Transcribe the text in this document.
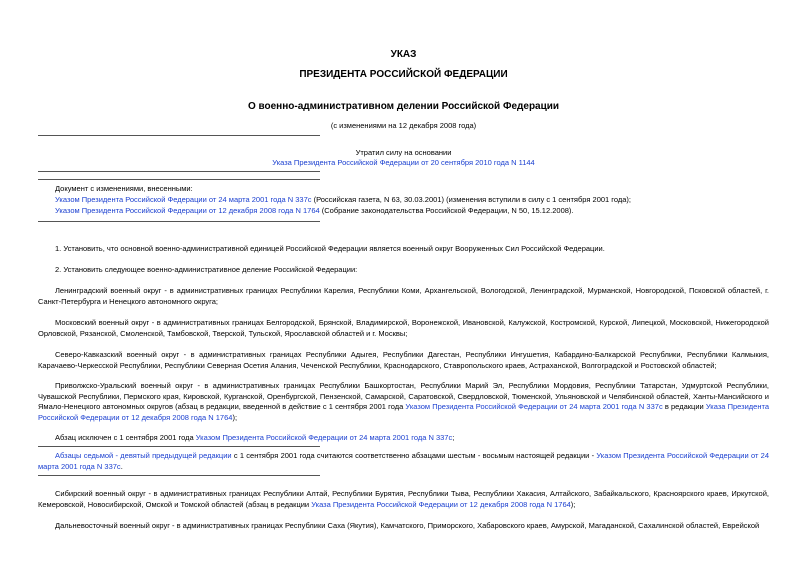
УКАЗ
ПРЕЗИДЕНТА РОССИЙСКОЙ ФЕДЕРАЦИИ
О военно-административном делении Российской Федерации
(с изменениями на 12 декабря 2008 года)
Утратил силу на основании
Указа Президента Российской Федерации от 20 сентября 2010 года N 1144
Документ с изменениями, внесенными:
Указом Президента Российской Федерации от 24 марта 2001 года N 337с (Российская газета, N 63, 30.03.2001) (изменения вступили в силу с 1 сентября 2001 года);
Указом Президента Российской Федерации от 12 декабря 2008 года N 1764 (Собрание законодательства Российской Федерации, N 50, 15.12.2008).
1. Установить, что основной военно-административной единицей Российской Федерации является военный округ Вооруженных Сил Российской Федерации.
2. Установить следующее военно-административное деление Российской Федерации:
Ленинградский военный округ - в административных границах Республики Карелия, Республики Коми, Архангельской, Вологодской, Ленинградской, Мурманской, Новгородской, Псковской областей, г. Санкт-Петербурга и Ненецкого автономного округа;
Московский военный округ - в административных границах Белгородской, Брянской, Владимирской, Воронежской, Ивановской, Калужской, Костромской, Курской, Липецкой, Московской, Нижегородской Орловской, Рязанской, Смоленской, Тамбовской, Тверской, Тульской, Ярославской областей и г. Москвы;
Северо-Кавказский военный округ - в административных границах Республики Адыгея, Республики Дагестан, Республики Ингушетия, Кабардино-Балкарской Республики, Республики Калмыкия, Карачаево-Черкесской Республики, Республики Северная Осетия Алания, Чеченской Республики, Краснодарского, Ставропольского краев, Астраханской, Волгоградской и Ростовской областей;
Приволжско-Уральский военный округ - в административных границах Республики Башкортостан, Республики Марий Эл, Республики Мордовия, Республики Татарстан, Удмуртской Республики, Чувашской Республики, Пермского края, Кировской, Курганской, Оренбургской, Пензенской, Самарской, Саратовской, Свердловской, Тюменской, Ульяновской и Челябинской областей, Ханты-Мансийского и Ямало-Ненецкого автономных округов (абзац в редакции, введенной в действие с 1 сентября 2001 года Указом Президента Российской Федерации от 24 марта 2001 года N 337с в редакции Указа Президента Российской Федерации от 12 декабря 2008 года N 1764);
Абзац исключен с 1 сентября 2001 года Указом Президента Российской Федерации от 24 марта 2001 года N 337с;
Абзацы седьмой - девятый предыдущей редакции с 1 сентября 2001 года считаются соответственно абзацами шестым - восьмым настоящей редакции - Указом Президента Российской Федерации от 24 марта 2001 года N 337с.
Сибирский военный округ - в административных границах Республики Алтай, Республики Бурятия, Республики Тыва, Республики Хакасия, Алтайского, Забайкальского, Красноярского краев, Иркутской, Кемеровской, Новосибирской, Омской и Томской областей (абзац в редакции Указа Президента Российской Федерации от 12 декабря 2008 года N 1764);
Дальневосточный военный округ - в административных границах Республики Саха (Якутия), Камчатского, Приморского, Хабаровского краев, Амурской, Магаданской, Сахалинской областей, Еврейской
